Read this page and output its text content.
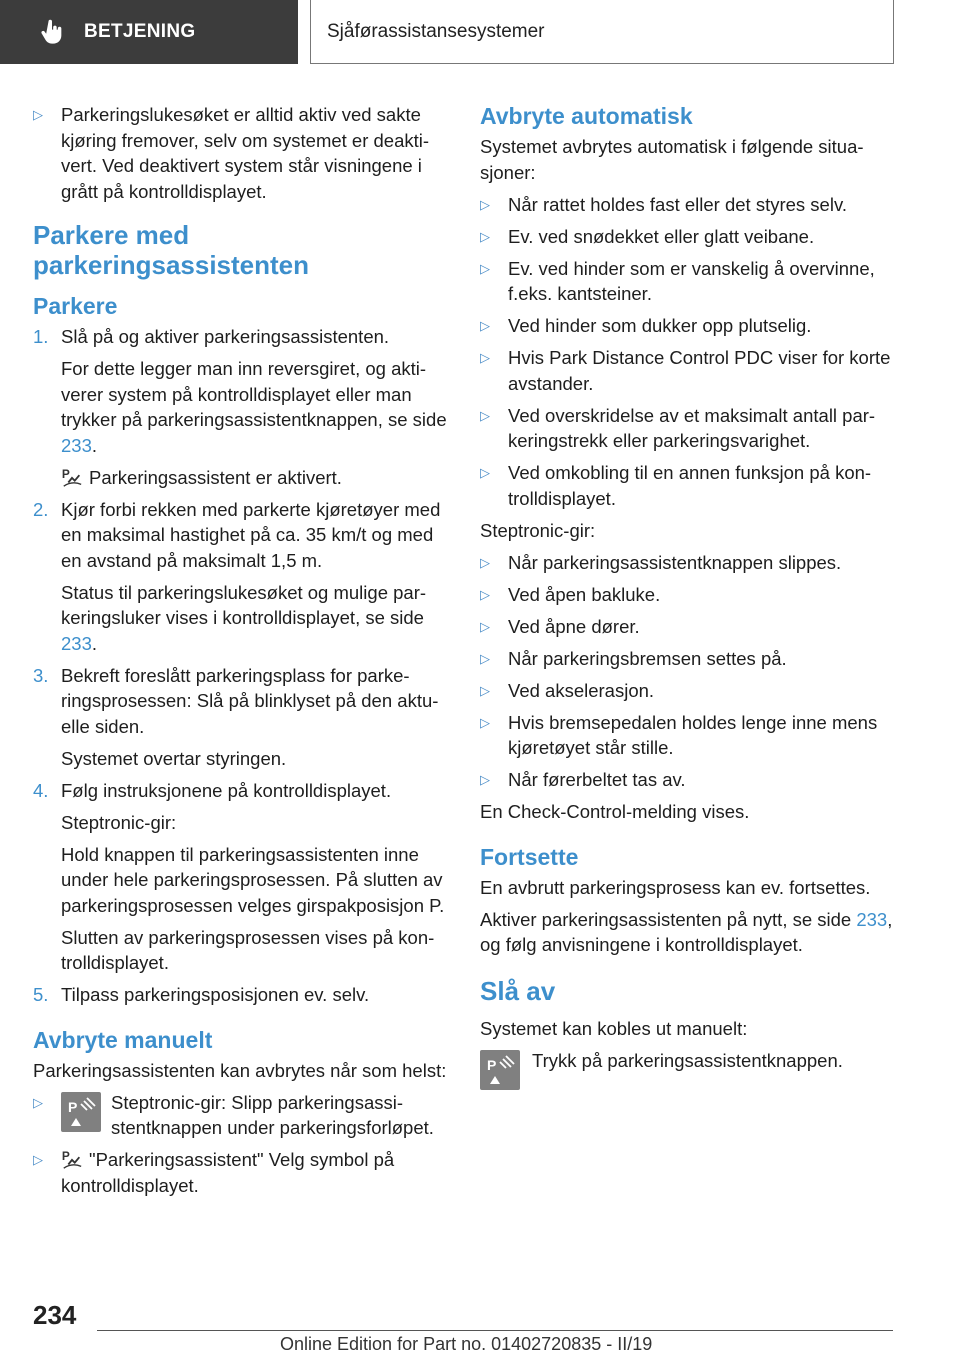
BETJENING	Sjåførassistansesystemer
▷ Parkeringslukesøket er alltid aktiv ved sakte kjøring fremover, selv om systemet er deaktivert. Ved deaktivert system står visningene i grått på kontrolldisplayet.
Parkere med parkeringsassistenten
Parkere
1. Slå på og aktiver parkeringsassistenten.
For dette legger man inn reversgiret, og aktiverer system på kontrolldisplayet eller man trykker på parkeringsassistentknappen, se side 233.
P Parkeringsassistent er aktivert.
2. Kjør forbi rekken med parkerte kjøretøyer med en maksimal hastighet på ca. 35 km/t og med en avstand på maksimalt 1,5 m.
Status til parkeringslukesøket og mulige parkeringsluker vises i kontrolldisplayet, se side 233.
3. Bekreft foreslått parkeringsplass for parkeringsprosessen: Slå på blinklyset på den aktuelle siden.
Systemet overtar styringen.
4. Følg instruksjonene på kontrolldisplayet.
Steptronic-gir:
Hold knappen til parkeringsassistenten inne under hele parkeringsprosessen. På slutten av parkeringsprosessen velges girspakposisjon P.
Slutten av parkeringsprosessen vises på kontrolldisplayet.
5. Tilpass parkeringsposisjonen ev. selv.
Avbryte manuelt

Parkeringsassistenten kan avbrytes når som helst:

▷ P Steptronic-gir: Slipp parkeringsassistentknappen under parkeringsforløpet.
▷ P "Parkeringsassistent" Velg symbol på kontrolldisplayet.
Avbryte automatisk

Systemet avbrytes automatisk i følgende situasjoner:

▷ Når rattet holdes fast eller det styres selv.
▷ Ev. ved snødekket eller glatt veibane.
▷ Ev. ved hinder som er vanskelig å overvinne, f.eks. kantsteiner.
▷ Ved hinder som dukker opp plutselig.
▷ Hvis Park Distance Control PDC viser for korte avstander.
▷ Ved overskridelse av et maksimalt antall parkeringstrekk eller parkeringsvarighet.
▷ Ved omkobling til en annen funksjon på kontrolldisplayet.

Steptronic-gir:

▷ Når parkeringsassistentknappen slippes.
▷ Ved åpen bakluke.
▷ Ved åpne dører.
▷ Når parkeringsbremsen settes på.
▷ Ved akselerasjon.
▷ Hvis bremsepedalen holdes lenge inne mens kjøretøyet står stille.
▷ Når førerbeltet tas av.

En Check-Control-melding vises.

Fortsette

En avbrutt parkeringsprosess kan ev. fortsettes.

Aktiver parkeringsassistenten på nytt, se side 233, og følg anvisningene i kontrolldisplayet.

Slå av

Systemet kan kobles ut manuelt:

P Trykk på parkeringsassistentknappen.
234
Online Edition for Part no. 01402720835 - II/19
